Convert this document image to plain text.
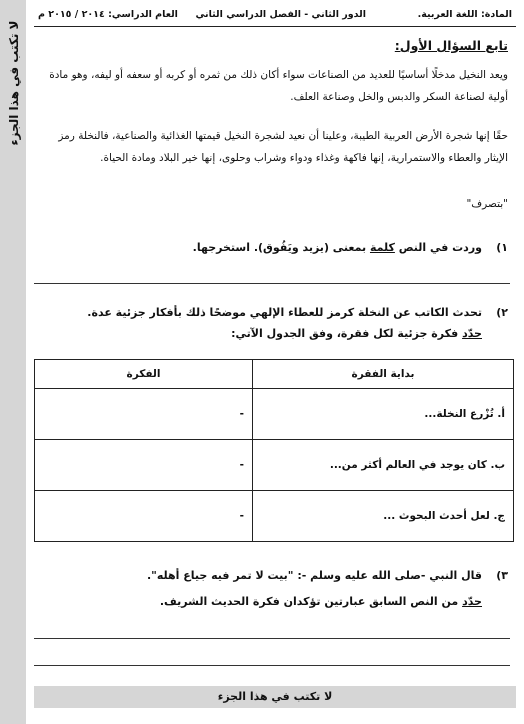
لا تكتب في هذا الجزء
المادة: اللغة العربية.
الدور الثاني - الفصل الدراسي الثاني
العام الدراسي: ٢٠١٤ / ٢٠١٥ م
تابع السؤال الأول:
ويعد النخيل مدخلًا أساسيًا للعديد من الصناعات سواء أكان ذلك من ثمره أو كربه أو سعفه أو ليفه، وهو مادة أولية لصناعة السكر والدبس والخل وصناعة العلف.
حقًا إنها شجرة الأرض العربية الطيبة، وعلينا أن نعيد لشجرة النخيل قيمتها الغذائية والصناعية، فالنخلة رمز الإيثار والعطاء والاستمرارية، إنها فاكهة وغذاء ودواء وشراب وحلوى، إنها خير البلاد ومادة الحياة.
"بتصرف"
١)
وردت في النص كلمة بمعنى (يزيد ويَفُوق). استخرجها.
٢)
تحدث الكاتب عن النخلة كرمز للعطاء الإلهي موضحًا ذلك بأفكار جزئية عدة.
حدّد فكرة جزئية لكل فقرة، وفق الجدول الآتي:
بداية الفقرة	الفكرة
أ. تُزْرع النخلة...	-
ب. كان يوجد في العالم أكثر من...	-
ج. لعل أحدث البحوث ...	-
٣)
قال النبي -صلى الله عليه وسلم -: "بيت لا تمر فيه جياع أهله".
حدّد من النص السابق عبارتين تؤكدان فكرة الحديث الشريف.
لا تكتب في هذا الجزء
